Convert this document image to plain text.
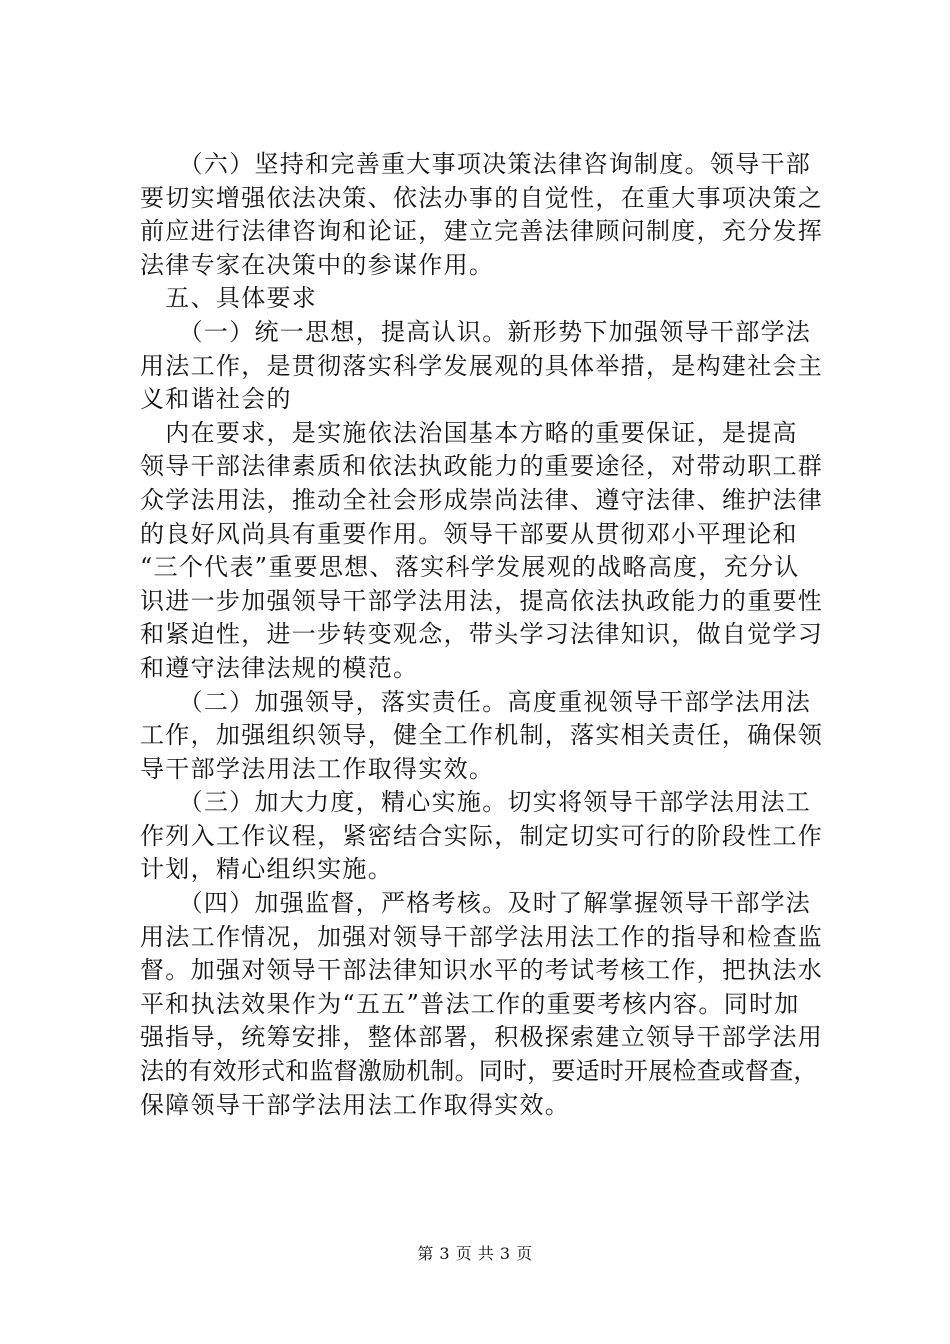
　　（六）坚持和完善重大事项决策法律咨询制度。领导干部
要切实增强依法决策、依法办事的自觉性，在重大事项决策之
前应进行法律咨询和论证，建立完善法律顾问制度，充分发挥
法律专家在决策中的参谋作用。
　五、具体要求
　　（一）统一思想，提高认识。新形势下加强领导干部学法
用法工作，是贯彻落实科学发展观的具体举措，是构建社会主
义和谐社会的
　内在要求，是实施依法治国基本方略的重要保证，是提高
领导干部法律素质和依法执政能力的重要途径，对带动职工群
众学法用法，推动全社会形成崇尚法律、遵守法律、维护法律
的良好风尚具有重要作用。领导干部要从贯彻邓小平理论和
“三个代表”重要思想、落实科学发展观的战略高度，充分认
识进一步加强领导干部学法用法，提高依法执政能力的重要性
和紧迫性，进一步转变观念，带头学习法律知识，做自觉学习
和遵守法律法规的模范。
　　（二）加强领导，落实责任。高度重视领导干部学法用法
工作，加强组织领导，健全工作机制，落实相关责任，确保领
导干部学法用法工作取得实效。
　　（三）加大力度，精心实施。切实将领导干部学法用法工
作列入工作议程，紧密结合实际，制定切实可行的阶段性工作
计划，精心组织实施。
　　（四）加强监督，严格考核。及时了解掌握领导干部学法
用法工作情况，加强对领导干部学法用法工作的指导和检查监
督。加强对领导干部法律知识水平的考试考核工作，把执法水
平和执法效果作为“五五”普法工作的重要考核内容。同时加
强指导，统筹安排，整体部署，积极探索建立领导干部学法用
法的有效形式和监督激励机制。同时，要适时开展检查或督查，
保障领导干部学法用法工作取得实效。
第 3 页 共 3 页
